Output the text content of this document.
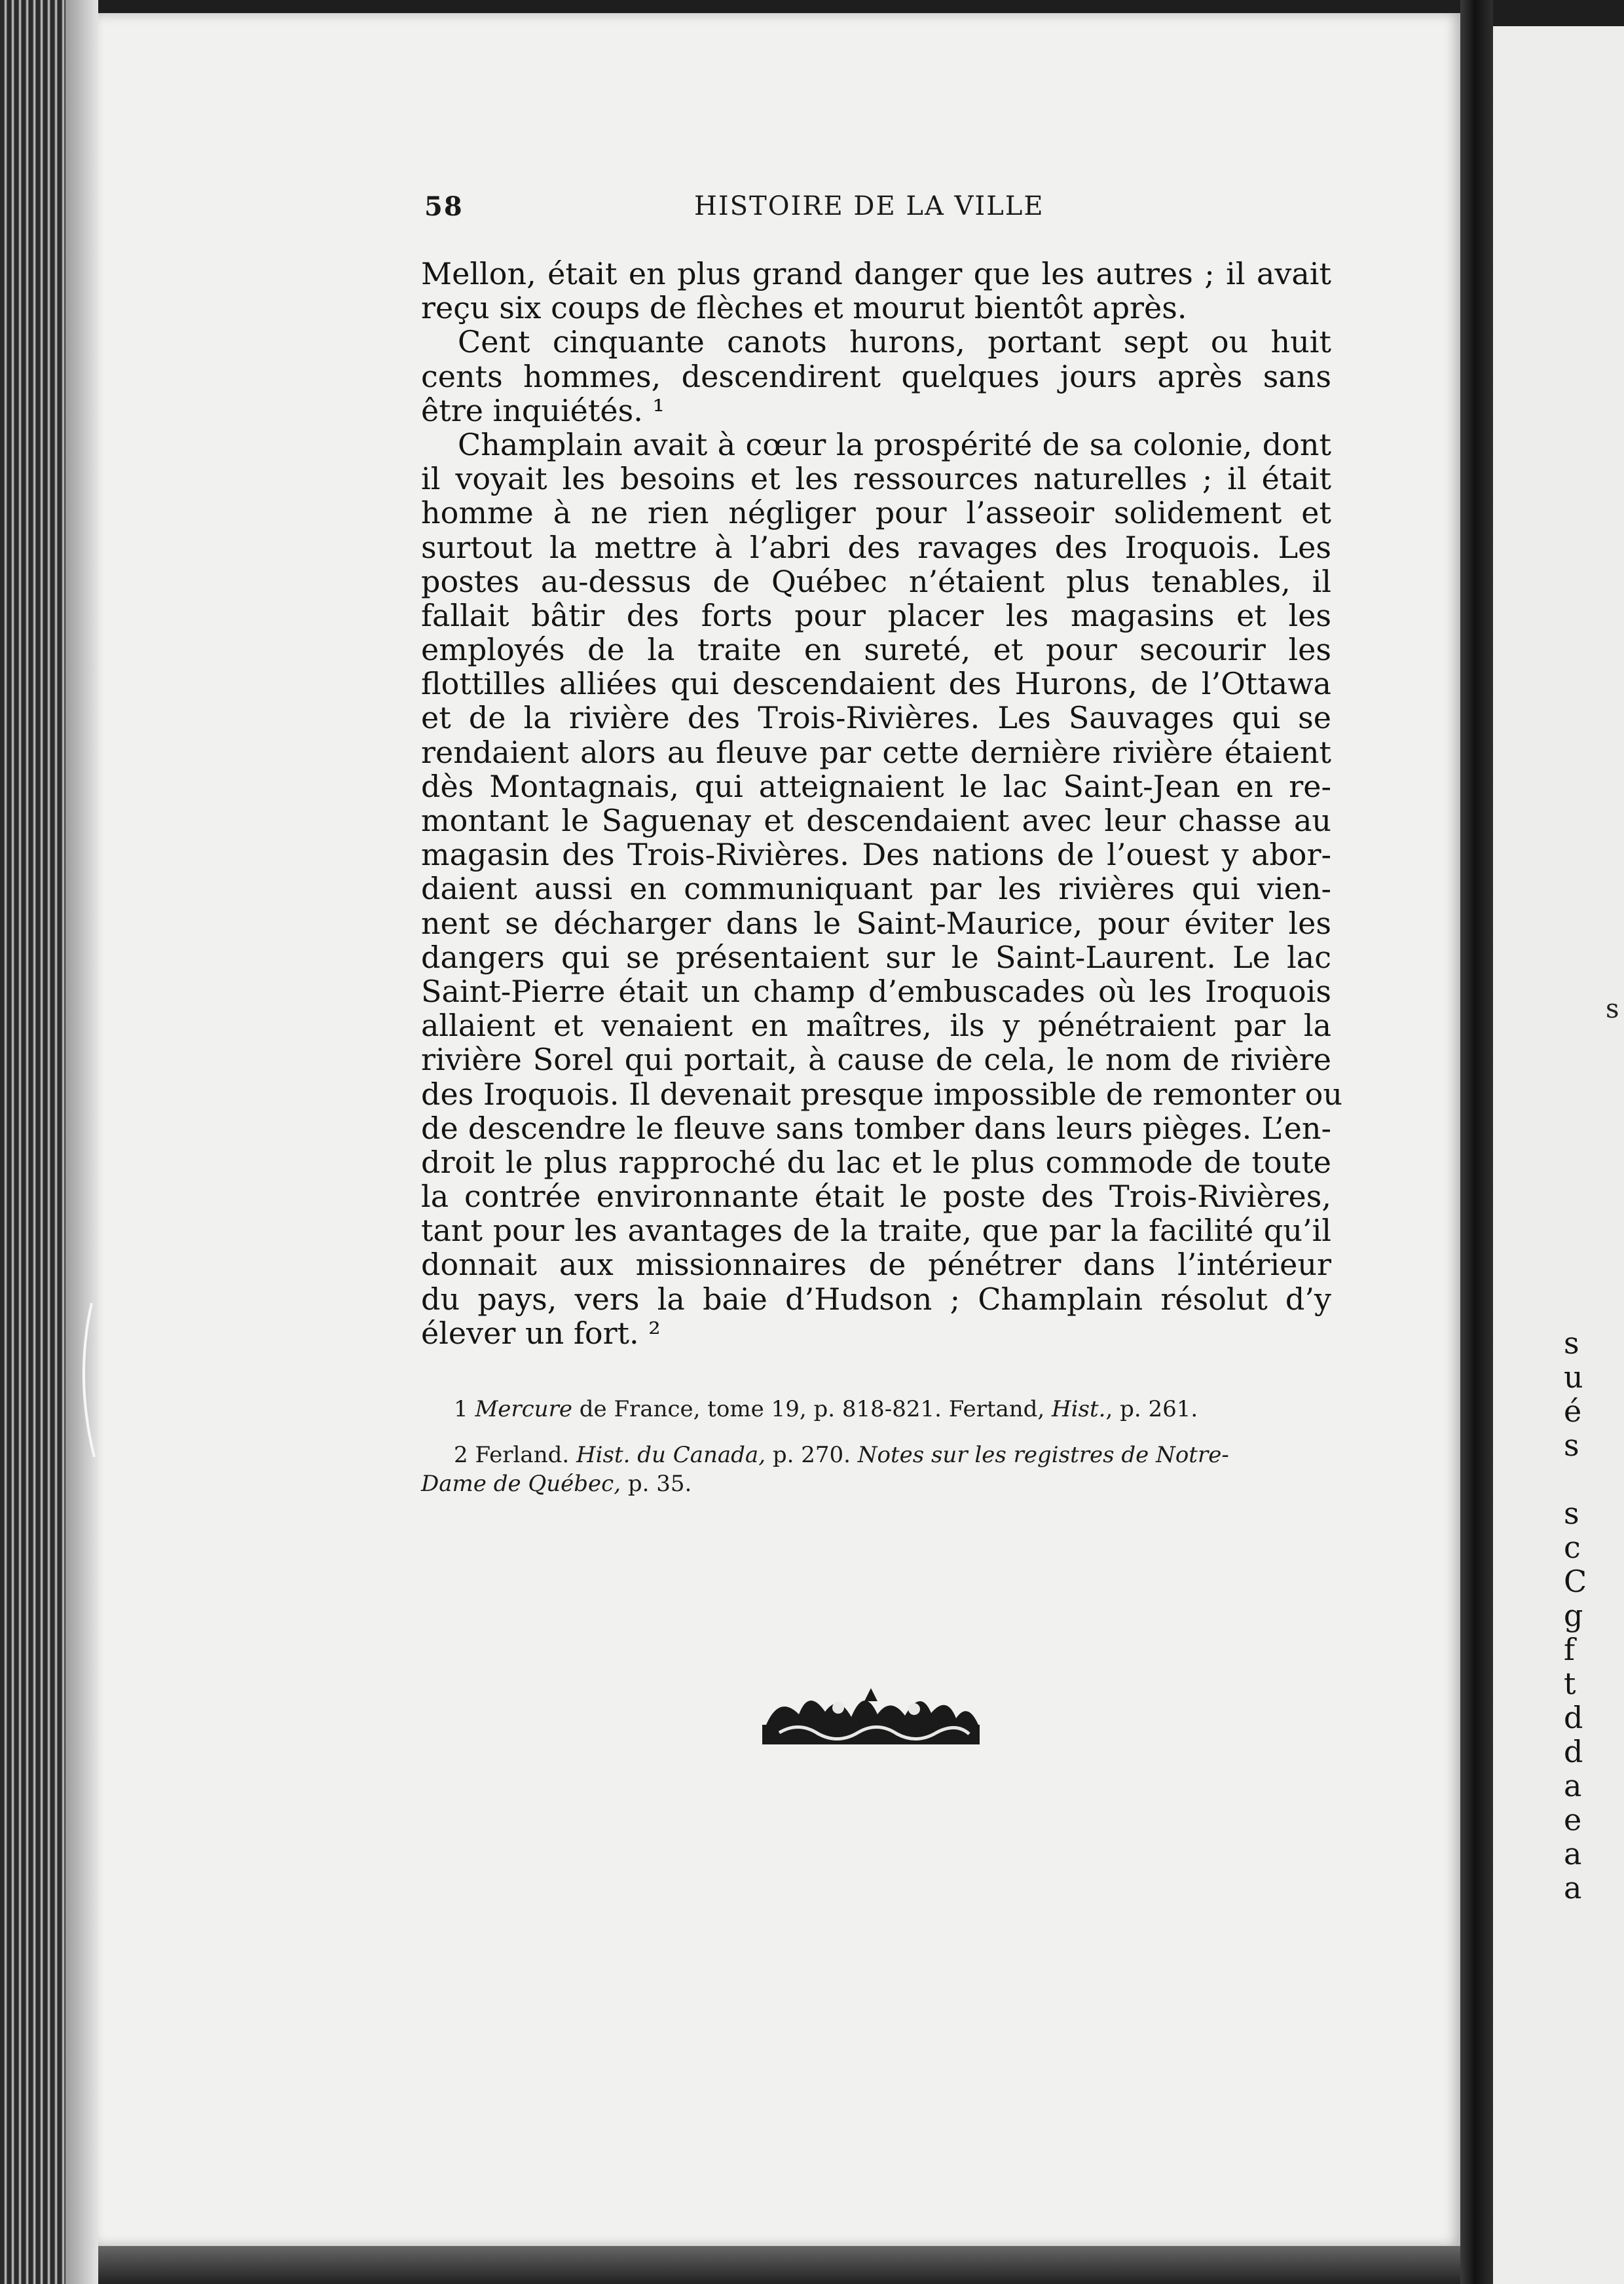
58	HISTOIRE DE LA VILLE
Mellon, était en plus grand danger que les autres ; il avait
reçu six coups de flèches et mourut bientôt après.
Cent cinquante canots hurons, portant sept ou huit
cents hommes, descendirent quelques jours après sans
être inquiétés. ¹
Champlain avait à cœur la prospérité de sa colonie, dont
il voyait les besoins et les ressources naturelles ; il était
homme à ne rien négliger pour l’asseoir solidement et
surtout la mettre à l’abri des ravages des Iroquois. Les
postes au-dessus de Québec n’étaient plus tenables, il
fallait bâtir des forts pour placer les magasins et les
employés de la traite en sureté, et pour secourir les
flottilles alliées qui descendaient des Hurons, de l’Ottawa
et de la rivière des Trois-Rivières. Les Sauvages qui se
rendaient alors au fleuve par cette dernière rivière étaient
dès Montagnais, qui atteignaient le lac Saint-Jean en re-
montant le Saguenay et descendaient avec leur chasse au
magasin des Trois-Rivières. Des nations de l’ouest y abor-
daient aussi en communiquant par les rivières qui vien-
nent se décharger dans le Saint-Maurice, pour éviter les
dangers qui se présentaient sur le Saint-Laurent. Le lac
Saint-Pierre était un champ d’embuscades où les Iroquois
allaient et venaient en maîtres, ils y pénétraient par la
rivière Sorel qui portait, à cause de cela, le nom de rivière
des Iroquois. Il devenait presque impossible de remonter ou
de descendre le fleuve sans tomber dans leurs pièges. L’en-
droit le plus rapproché du lac et le plus commode de toute
la contrée environnante était le poste des Trois-Rivières,
tant pour les avantages de la traite, que par la facilité qu’il
donnait aux missionnaires de pénétrer dans l’intérieur
du pays, vers la baie d’Hudson ; Champlain résolut d’y
élever un fort. ²
1 Mercure de France, tome 19, p. 818-821. Fertand, Hist., p. 261.
2 Ferland. Hist. du Canada, p. 270. Notes sur les registres de Notre-
Dame de Québec, p. 35.
s
s
u
é
s

s
c
C
g
f
t
d
d
a
e
a
a
